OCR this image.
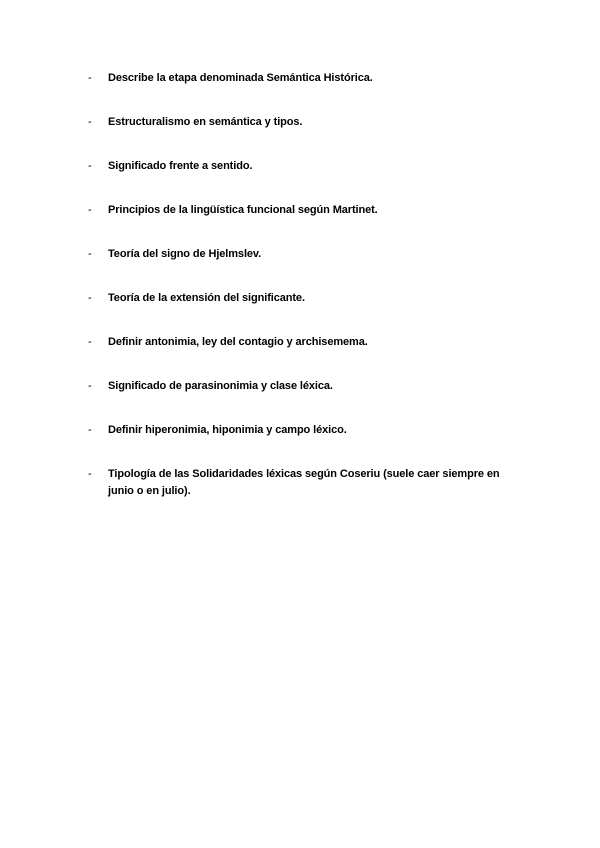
-	Describe la etapa denominada Semántica Histórica.
-	Estructuralismo en semántica y tipos.
-	Significado frente a sentido.
-	Principios de la lingüística funcional según Martinet.
-	Teoría del signo de Hjelmslev.
-	Teoría de la extensión del significante.
-	Definir antonimia, ley del contagio y archisemema.
-	Significado de parasinonimia y clase léxica.
-	Definir hiperonimia, hiponimia y campo léxico.
-	Tipología de las Solidaridades léxicas según Coseriu (suele caer siempre en junio o en julio).
